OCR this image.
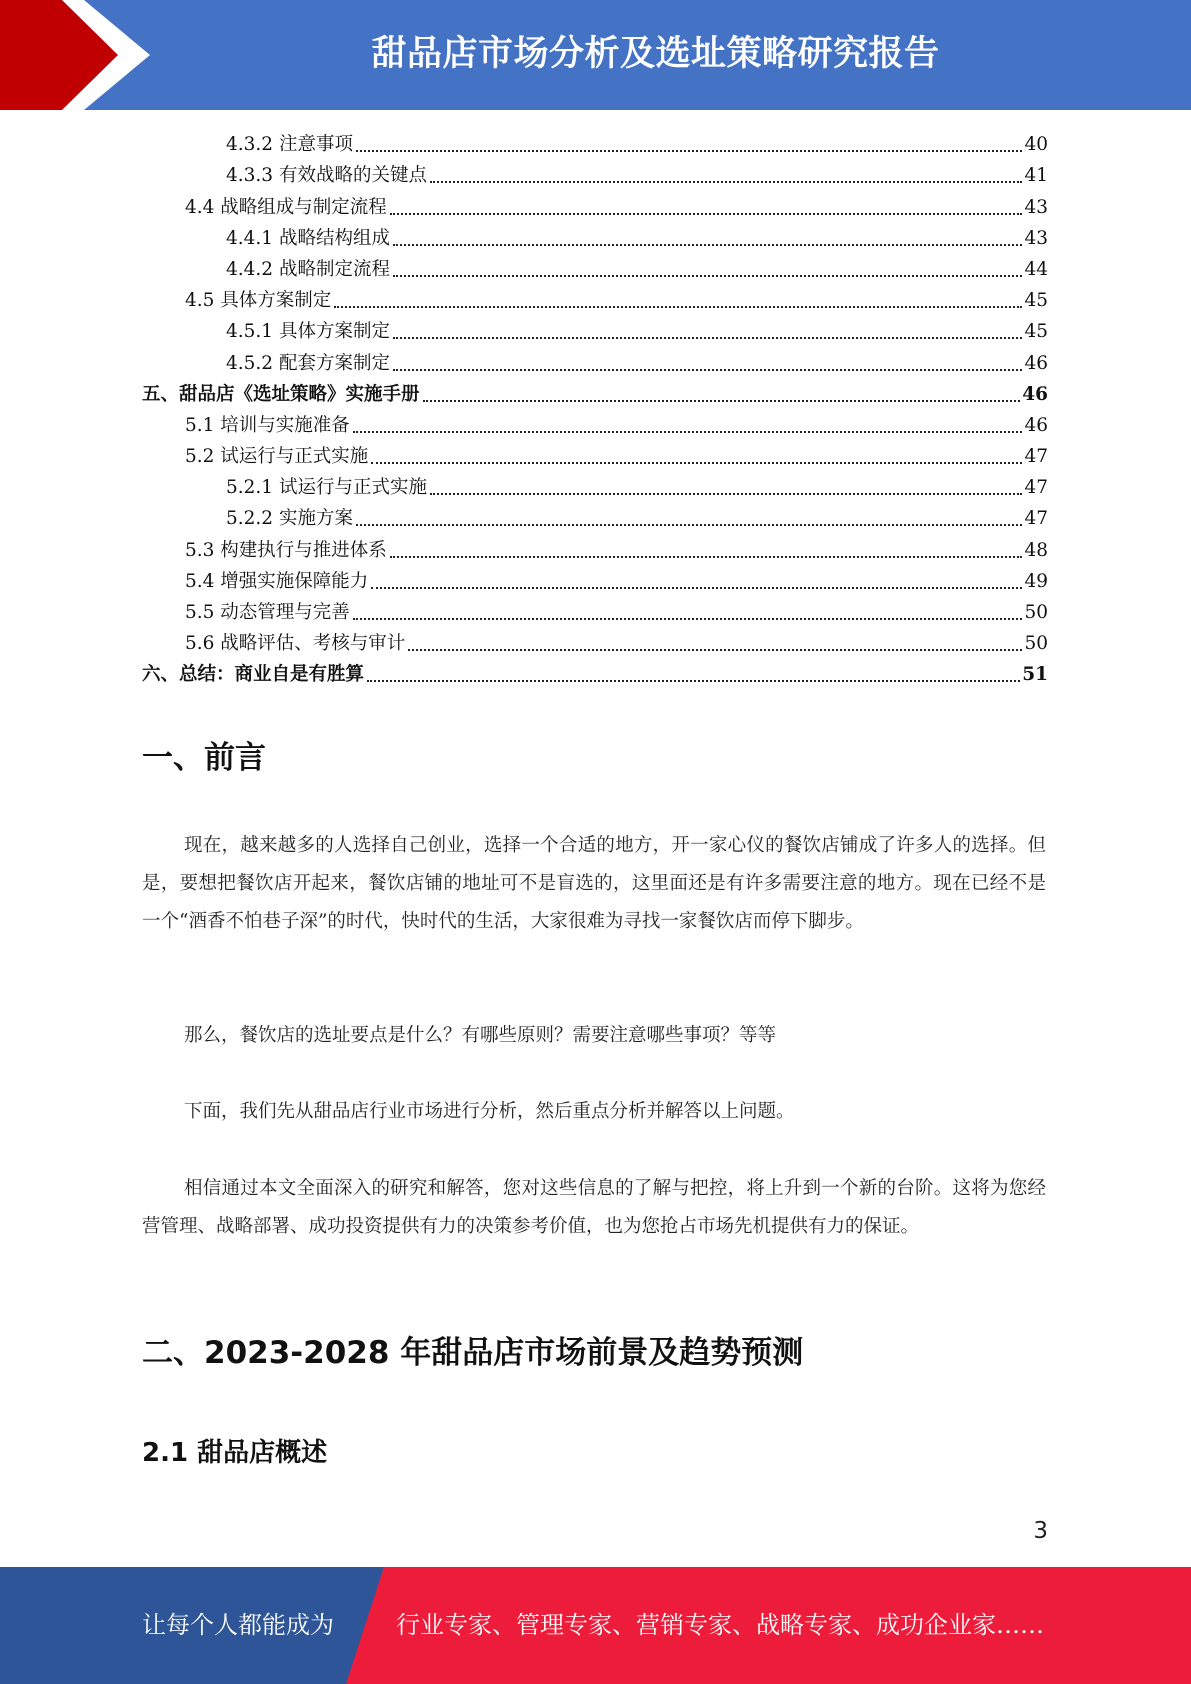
甜品店市场分析及选址策略研究报告
4.3.2 注意事项	40
4.3.3 有效战略的关键点	41
4.4 战略组成与制定流程	43
4.4.1 战略结构组成	43
4.4.2 战略制定流程	44
4.5 具体方案制定	45
4.5.1 具体方案制定	45
4.5.2 配套方案制定	46
五、甜品店《选址策略》实施手册	46
5.1 培训与实施准备	46
5.2 试运行与正式实施	47
5.2.1 试运行与正式实施	47
5.2.2 实施方案	47
5.3 构建执行与推进体系	48
5.4 增强实施保障能力	49
5.5 动态管理与完善	50
5.6 战略评估、考核与审计	50
六、总结：商业自是有胜算	51
一、前言

现在，越来越多的人选择自己创业，选择一个合适的地方，开一家心仪的餐饮店铺成了许多人的选择。但是，要想把餐饮店开起来，餐饮店铺的地址可不是盲选的，这里面还是有许多需要注意的地方。现在已经不是一个“酒香不怕巷子深”的时代，快时代的生活，大家很难为寻找一家餐饮店而停下脚步。

那么，餐饮店的选址要点是什么？有哪些原则？需要注意哪些事项？等等

下面，我们先从甜品店行业市场进行分析，然后重点分析并解答以上问题。

相信通过本文全面深入的研究和解答，您对这些信息的了解与把控，将上升到一个新的台阶。这将为您经营管理、战略部署、成功投资提供有力的决策参考价值，也为您抢占市场先机提供有力的保证。

二、2023-2028 年甜品店市场前景及趋势预测
2.1 甜品店概述
3
让每个人都能成为	行业专家、管理专家、营销专家、战略专家、成功企业家……
